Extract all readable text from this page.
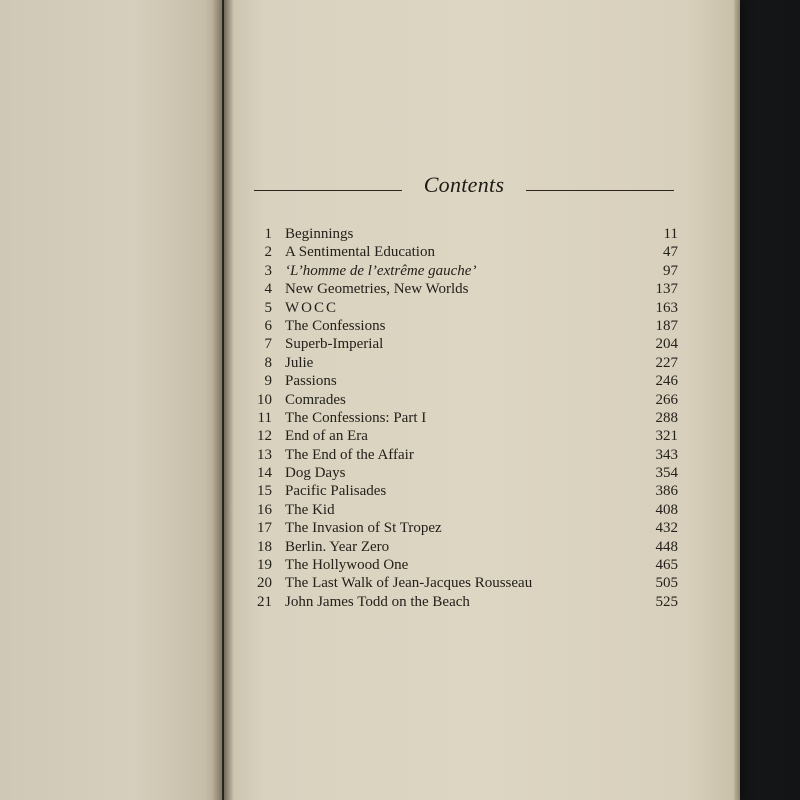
Contents
1 Beginnings	11
2 A Sentimental Education	47
3 ‘L’homme de l’extrême gauche’	97
4 New Geometries, New Worlds	137
5 WOCC	163
6 The Confessions	187
7 Superb-Imperial	204
8 Julie	227
9 Passions	246
10 Comrades	266
11 The Confessions: Part I	288
12 End of an Era	321
13 The End of the Affair	343
14 Dog Days	354
15 Pacific Palisades	386
16 The Kid	408
17 The Invasion of St Tropez	432
18 Berlin. Year Zero	448
19 The Hollywood One	465
20 The Last Walk of Jean-Jacques Rousseau	505
21 John James Todd on the Beach	525
